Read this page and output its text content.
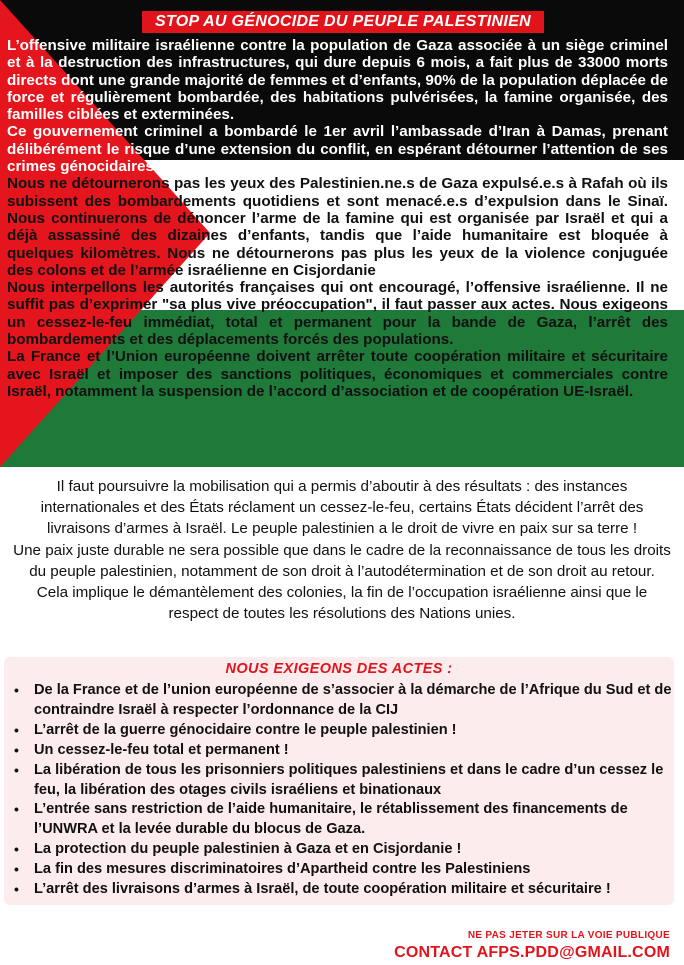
STOP AU GÉNOCIDE DU PEUPLE PALESTINIEN

L’offensive militaire israélienne contre la population de Gaza associée à un siège criminel et à la destruction des infrastructures, qui dure depuis 6 mois, a fait plus de 33000 morts directs dont une grande majorité de femmes et d’enfants, 90% de la population déplacée de force et régulièrement bombardée, des habitations pulvérisées, la famine organisée, des familles ciblées et exterminées.

Ce gouvernement criminel a bombardé le 1er avril l’ambassade d’Iran à Damas, prenant délibérément le risque d’une extension du conflit, en espérant détourner l’attention de ses crimes génocidaires en Palestine.

Nous ne détournerons pas les yeux des Palestinien.ne.s de Gaza expulsé.e.s à Rafah où ils subissent des bombardements quotidiens et sont menacé.e.s d’expulsion dans le Sinaï. Nous continuerons de dénoncer l’arme de la famine qui est organisée par Israël et qui a déjà assassiné des dizaines d’enfants, tandis que l’aide humanitaire est bloquée à quelques kilomètres. Nous ne détournerons pas plus les yeux de la violence conjuguée des colons et de l’armée israélienne en Cisjordanie

Nous interpellons les autorités françaises qui ont encouragé, l’offensive israélienne. Il ne suffit pas d’exprimer "sa plus vive préoccupation", il faut passer aux actes. Nous exigeons un cessez-le-feu immédiat, total et permanent pour la bande de Gaza, l’arrêt des bombardements et des déplacements forcés des populations.

La France et l’Union européenne doivent arrêter toute coopération militaire et sécuritaire avec Israël et imposer des sanctions politiques, économiques et commerciales contre Israël, notamment la suspension de l’accord d’association et de coopération UE-Israël.

Il faut poursuivre la mobilisation qui a permis d’aboutir à des résultats : des instances internationales et des États réclament un cessez-le-feu, certains États décident l’arrêt des livraisons d’armes à Israël. Le peuple palestinien a le droit de vivre en paix sur sa terre !

Une paix juste durable ne sera possible que dans le cadre de la reconnaissance de tous les droits du peuple palestinien, notamment de son droit à l’autodétermination et de son droit au retour. Cela implique le démantèlement des colonies, la fin de l’occupation israélienne ainsi que le respect de toutes les résolutions des Nations unies.

NOUS EXIGEONS DES ACTES :
• De la France et de l’union européenne de s’associer à la démarche de l’Afrique du Sud et de contraindre Israël à respecter l’ordonnance de la CIJ
• L’arrêt de la guerre génocidaire contre le peuple palestinien !
• Un cessez-le-feu total et permanent !
• La libération de tous les prisonniers politiques palestiniens et dans le cadre d’un cessez le feu, la libération des otages civils israéliens et binationaux
• L’entrée sans restriction de l’aide humanitaire, le rétablissement des financements de l’UNWRA et la levée durable du blocus de Gaza.
• La protection du peuple palestinien à Gaza et en Cisjordanie !
• La fin des mesures discriminatoires d’Apartheid contre les Palestiniens
• L’arrêt des livraisons d’armes à Israël, de toute coopération militaire et sécuritaire !
NE PAS JETER SUR LA VOIE PUBLIQUE
CONTACT AFPS.PDD@GMAIL.COM
